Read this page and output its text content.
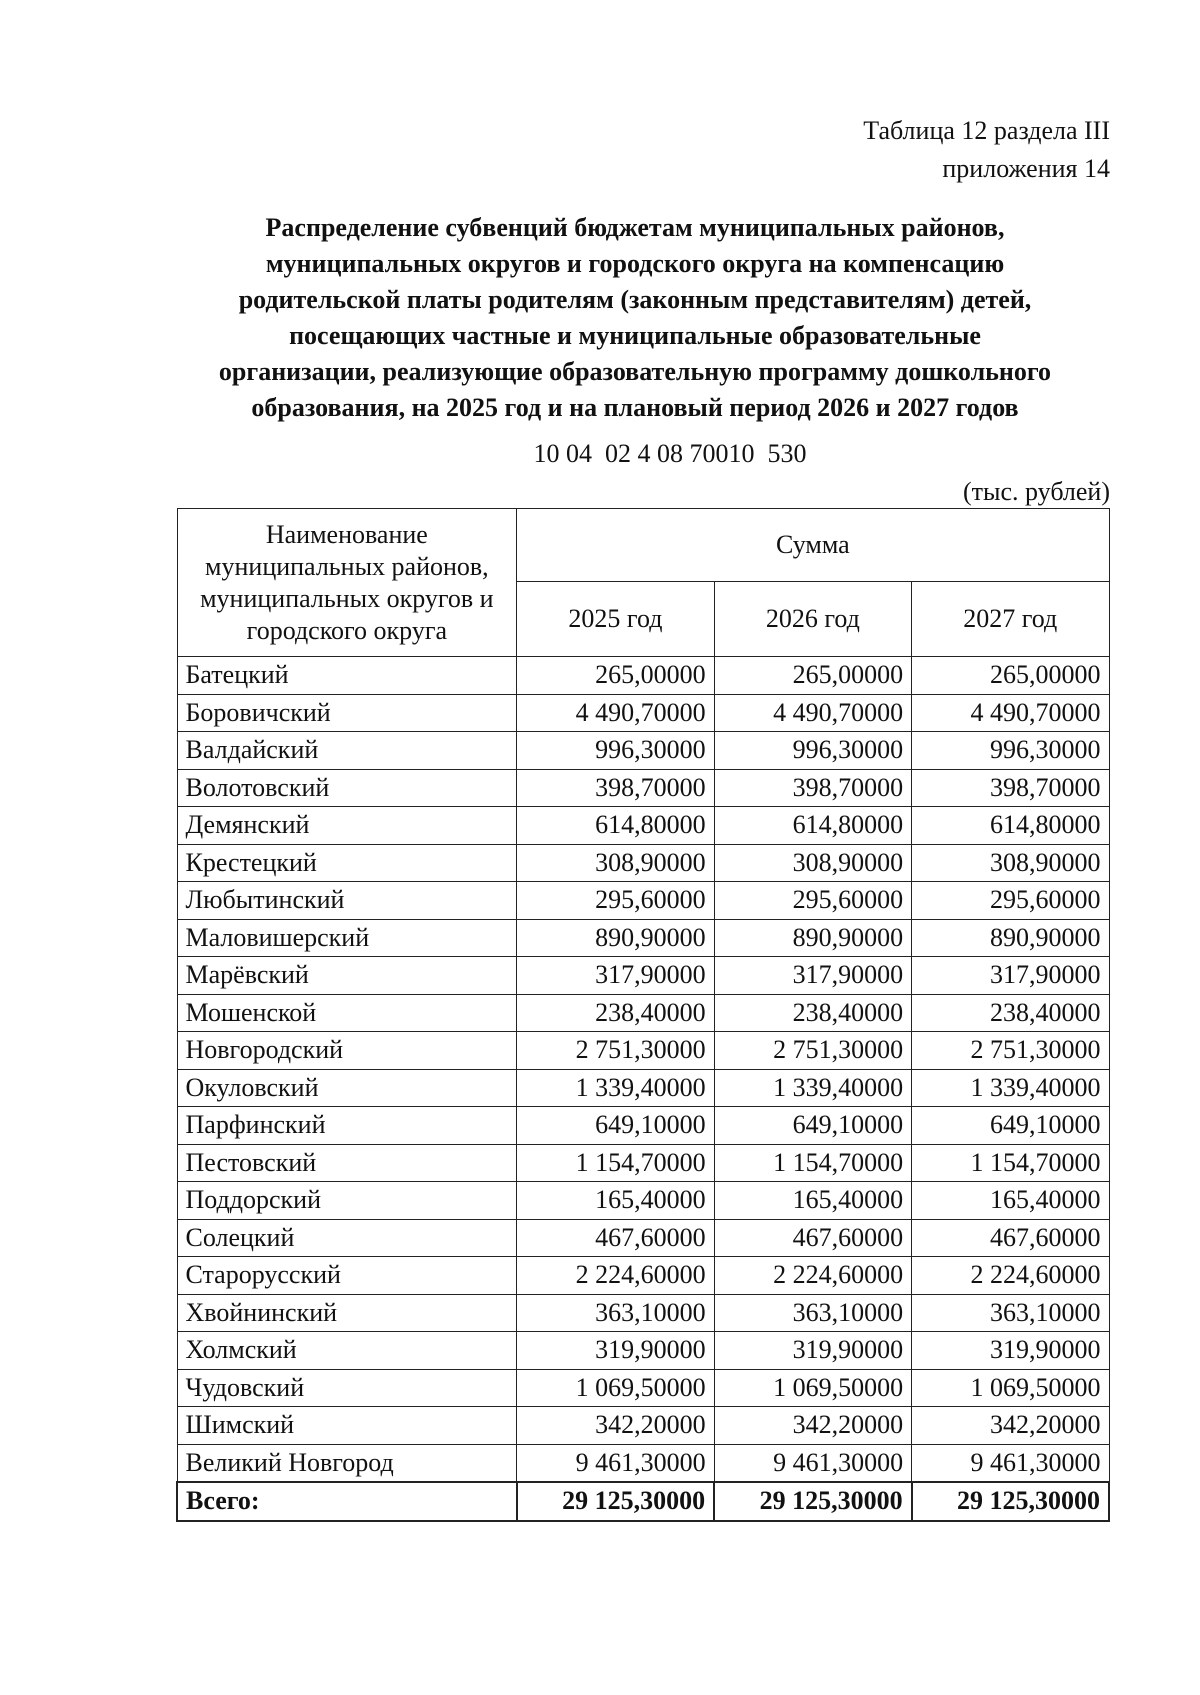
Таблица 12 раздела III
приложения 14
Распределение субвенций бюджетам муниципальных районов,
муниципальных округов и городского округа на компенсацию
родительской платы родителям (законным представителям) детей,
посещающих частные и муниципальные образовательные
организации, реализующие образовательную программу дошкольного
образования, на 2025 год и на плановый период 2026 и 2027 годов
10 04  02 4 08 70010  530
(тыс. рублей)
Наименование муниципальных районов, муниципальных округов и городского округа	Сумма		
	2025 год	2026 год	2027 год
Батецкий	265,00000	265,00000	265,00000
Боровичский	4 490,70000	4 490,70000	4 490,70000
Валдайский	996,30000	996,30000	996,30000
Волотовский	398,70000	398,70000	398,70000
Демянский	614,80000	614,80000	614,80000
Крестецкий	308,90000	308,90000	308,90000
Любытинский	295,60000	295,60000	295,60000
Маловишерский	890,90000	890,90000	890,90000
Марёвский	317,90000	317,90000	317,90000
Мошенской	238,40000	238,40000	238,40000
Новгородский	2 751,30000	2 751,30000	2 751,30000
Окуловский	1 339,40000	1 339,40000	1 339,40000
Парфинский	649,10000	649,10000	649,10000
Пестовский	1 154,70000	1 154,70000	1 154,70000
Поддорский	165,40000	165,40000	165,40000
Солецкий	467,60000	467,60000	467,60000
Старорусский	2 224,60000	2 224,60000	2 224,60000
Хвойнинский	363,10000	363,10000	363,10000
Холмский	319,90000	319,90000	319,90000
Чудовский	1 069,50000	1 069,50000	1 069,50000
Шимский	342,20000	342,20000	342,20000
Великий Новгород	9 461,30000	9 461,30000	9 461,30000
Всего:	29 125,30000	29 125,30000	29 125,30000
